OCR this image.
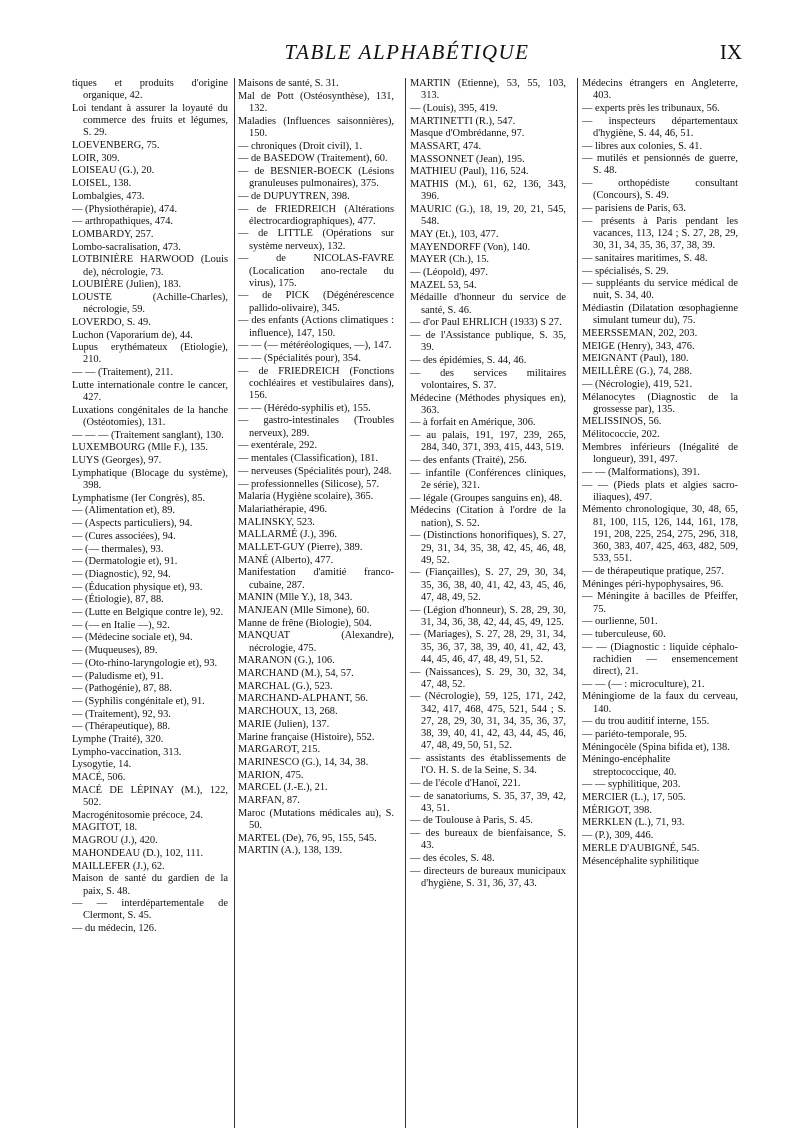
TABLE ALPHABÉTIQUE	IX
tiques et produits d'origine organique, 42.
Loi tendant à assurer la loyauté du commerce des fruits et légumes, S. 29.
LOEVENBERG, 75.
LOIR, 309.
LOISEAU (G.), 20.
LOISEL, 138.
Lombalgies, 473.
— (Physiothérapie), 474.
— arthropathiques, 474.
LOMBARDY, 257.
Lombo-sacralisation, 473.
LOTBINIÈRE HARWOOD (Louis de), nécrologie, 73.
LOUBIÈRE (Julien), 183.
LOUSTE (Achille-Charles), nécrologie, 59.
LOVERDO, S. 49.
Luchon (Vaporarium de), 44.
Lupus erythémateux (Etiologie), 210.
— — (Traitement), 211.
Lutte internationale contre le cancer, 427.
Luxations congénitales de la hanche (Ostéotomies), 131.
— — — (Traitement sanglant), 130.
LUXEMBOURG (Mlle F.), 135.
LUYS (Georges), 97.
Lymphatique (Blocage du système), 398.
Lymphatisme (Ier Congrès), 85.
— (Alimentation et), 89.
— (Aspects particuliers), 94.
— (Cures associées), 94.
— (— thermales), 93.
— (Dermatologie et), 91.
— (Diagnostic), 92, 94.
— (Éducation physique et), 93.
— (Étiologie), 87, 88.
— (Lutte en Belgique contre le), 92.
— (— en Italie —), 92.
— (Médecine sociale et), 94.
— (Muqueuses), 89.
— (Oto-rhino-laryngologie et), 93.
— (Paludisme et), 91.
— (Pathogénie), 87, 88.
— (Syphilis congénitale et), 91.
— (Traitement), 92, 93.
— (Thérapeutique), 88.
Lymphe (Traité), 320.
Lympho-vaccination, 313.
Lysogytie, 14.
MACÉ, 506.
MACÉ DE LÉPINAY (M.), 122, 502.
Macrogénitosomie précoce, 24.
MAGITOT, 18.
MAGROU (J.), 420.
MAHONDEAU (D.), 102, 111.
MAILLEFER (J.), 62.
Maison de santé du gardien de la paix, S. 48.
— — interdépartementale de Clermont, S. 45.
— du médecin, 126.
Maisons de santé, S. 31.
Mal de Pott (Ostéosynthèse), 131, 132.
Maladies (Influences saisonnières), 150.
— chroniques (Droit civil), 1.
— de BASEDOW (Traitement), 60.
— de BESNIER-BOECK (Lésions granuleuses pulmonaires), 375.
— de DUPUYTREN, 398.
— de FRIEDREICH (Altérations électrocardiographiques), 477.
— de LITTLE (Opérations sur système nerveux), 132.
— de NICOLAS-FAVRE (Localication ano-rectale du virus), 175.
— de PICK (Dégénérescence pallido-olivaire), 345.
— des enfants (Actions climatiques : influence), 147, 150.
— — (— météréologiques, —), 147.
— — (Spécialités pour), 354.
— de FRIEDREICH (Fonctions cochléaires et vestibulaires dans), 156.
— — (Hérédo-syphilis et), 155.
— gastro-intestinales (Troubles nerveux), 289.
— exentérale, 292.
— mentales (Classification), 181.
— nerveuses (Spécialités pour), 248.
— professionnelles (Silicose), 57.
Malaria (Hygiène scolaire), 365.
Malariathérapie, 496.
MALINSKY, 523.
MALLARMÉ (J.), 396.
MALLET-GUY (Pierre), 389.
MANÉ (Alberto), 477.
Manifestation d'amitié franco-cubaine, 287.
MANIN (Mlle Y.), 18, 343.
MANJEAN (Mlle Simone), 60.
Manne de frêne (Biologie), 504.
MANQUAT (Alexandre), nécrologie, 475.
MARANON (G.), 106.
MARCHAND (M.), 54, 57.
MARCHAL (G.), 523.
MARCHAND-ALPHANT, 56.
MARCHOUX, 13, 268.
MARIE (Julien), 137.
Marine française (Histoire), 552.
MARGAROT, 215.
MARINESCO (G.), 14, 34, 38.
MARION, 475.
MARCEL (J.-E.), 21.
MARFAN, 87.
Maroc (Mutations médicales au), S. 50.
MARTEL (De), 76, 95, 155, 545.
MARTIN (A.), 138, 139.
MARTIN (Etienne), 53, 55, 103, 313.
— (Louis), 395, 419.
MARTINETTI (R.), 547.
Masque d'Ombrédanne, 97.
MASSART, 474.
MASSONNET (Jean), 195.
MATHIEU (Paul), 116, 524.
MATHIS (M.), 61, 62, 136, 343, 396.
MAURIC (G.), 18, 19, 20, 21, 545, 548.
MAY (Et.), 103, 477.
MAYENDORFF (Von), 140.
MAYER (Ch.), 15.
— (Léopold), 497.
MAZEL 53, 54.
Médaille d'honneur du service de santé, S. 46.
— d'or Paul EHRLICH (1933) S 27.
— de l'Assistance publique, S. 35, 39.
— des épidémies, S. 44, 46.
— des services militaires volontaires, S. 37.
Médecine (Méthodes physiques en), 363.
— à forfait en Amérique, 306.
— au palais, 191, 197, 239, 265, 284, 340, 371, 393, 415, 443, 519.
— des enfants (Traité), 256.
— infantile (Conférences cliniques, 2e série), 321.
— légale (Groupes sanguins en), 48.
Médecins (Citation à l'ordre de la nation), S. 52.
— (Distinctions honorifiques), S. 27, 29, 31, 34, 35, 38, 42, 45, 46, 48, 49, 52.
— (Fiançailles), S. 27, 29, 30, 34, 35, 36, 38, 40, 41, 42, 43, 45, 46, 47, 48, 49, 52.
— (Légion d'honneur), S. 28, 29, 30, 31, 34, 36, 38, 42, 44, 45, 49, 125.
— (Mariages), S. 27, 28, 29, 31, 34, 35, 36, 37, 38, 39, 40, 41, 42, 43, 44, 45, 46, 47, 48, 49, 51, 52.
— (Naissances), S. 29, 30, 32, 34, 47, 48, 52.
— (Nécrologie), 59, 125, 171, 242, 342, 417, 468, 475, 521, 544 ; S. 27, 28, 29, 30, 31, 34, 35, 36, 37, 38, 39, 40, 41, 42, 43, 44, 45, 46, 47, 48, 49, 50, 51, 52.
— assistants des établissements de l'O. H. S. de la Seine, S. 34.
— de l'école d'Hanoï, 221.
— de sanatoriums, S. 35, 37, 39, 42, 43, 51.
— de Toulouse à Paris, S. 45.
— des bureaux de bienfaisance, S. 43.
— des écoles, S. 48.
— directeurs de bureaux municipaux d'hygiène, S. 31, 36, 37, 43.
Médecins étrangers en Angleterre, 403.
— experts près les tribunaux, 56.
— inspecteurs départementaux d'hygiène, S. 44, 46, 51.
— libres aux colonies, S. 41.
— mutilés et pensionnés de guerre, S. 48.
— orthopédiste consultant (Concours), S. 49.
— parisiens de Paris, 63.
— présents à Paris pendant les vacances, 113, 124 ; S. 27, 28, 29, 30, 31, 34, 35, 36, 37, 38, 39.
— sanitaires maritimes, S. 48.
— spécialisés, S. 29.
— suppléants du service médical de nuit, S. 34, 40.
Médiastin (Dilatation œsophagienne simulant tumeur du), 75.
MEERSSEMAN, 202, 203.
MEIGE (Henry), 343, 476.
MEIGNANT (Paul), 180.
MEILLÈRE (G.), 74, 288.
— (Nécrologie), 419, 521.
Mélanocytes (Diagnostic de la grossesse par), 135.
MELISSINOS, 56.
Mélitococcie, 202.
Membres inférieurs (Inégalité de longueur), 391, 497.
— — (Malformations), 391.
— — (Pieds plats et algies sacro-iliaques), 497.
Mémento chronologique, 30, 48, 65, 81, 100, 115, 126, 144, 161, 178, 191, 208, 225, 254, 275, 296, 318, 360, 383, 407, 425, 463, 482, 509, 533, 551.
— de thérapeutique pratique, 257.
Méninges péri-hypophysaires, 96.
— Méningite à bacilles de Pfeiffer, 75.
— ourlienne, 501.
— tuberculeuse, 60.
— — (Diagnostic : liquide céphalo-rachidien — ensemencement direct), 21.
— — (— : microculture), 21.
Méningiome de la faux du cerveau, 140.
— du trou auditif interne, 155.
— pariéto-temporale, 95.
Méningocèle (Spina bifida et), 138.
Méningo-encéphalite streptococcique, 40.
— — syphilitique, 203.
MERCIER (L.), 17, 505.
MÉRIGOT, 398.
MERKLEN (L.), 71, 93.
— (P.), 309, 446.
MERLE D'AUBIGNÉ, 545.
Mésencéphalite syphilitique
